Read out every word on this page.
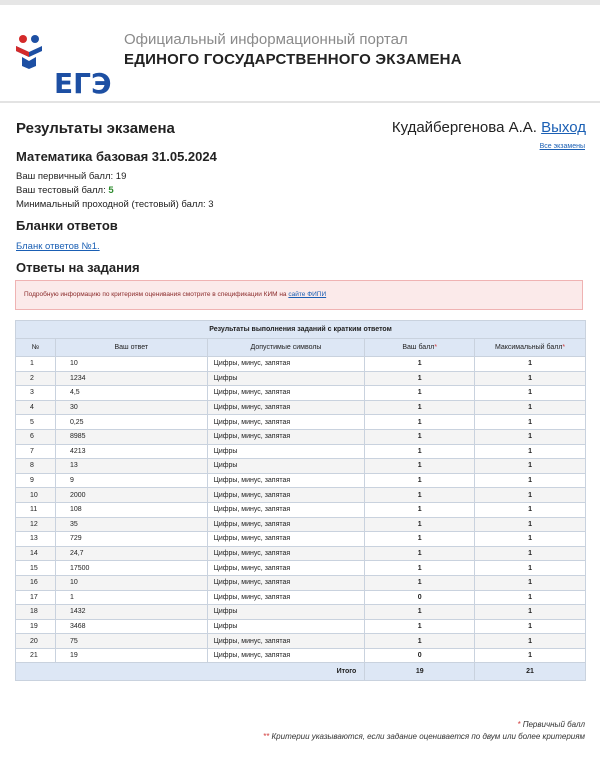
ЕГЭ
Официальный информационный портал
ЕДИНОГО ГОСУДАРСТВЕННОГО ЭКЗАМЕНА
Результаты экзамена	Кудайбергенова А.А. Выход
Все экзамены
Математика базовая 31.05.2024
Ваш первичный балл: 19
Ваш тестовый балл: 5
Минимальный проходной (тестовый) балл: 3
Бланки ответов
Бланк ответов №1.
Ответы на задания
Подробную информацию по критериям оценивания смотрите в спецификации КИМ на сайте ФИПИ
Результаты выполнения заданий с кратким ответом				
№	Ваш ответ	Допустимые символы	Ваш балл*	Максимальный балл*
1	10	Цифры, минус, запятая	1	1
2	1234	Цифры	1	1
3	4,5	Цифры, минус, запятая	1	1
4	30	Цифры, минус, запятая	1	1
5	0,25	Цифры, минус, запятая	1	1
6	8985	Цифры, минус, запятая	1	1
7	4213	Цифры	1	1
8	13	Цифры	1	1
9	9	Цифры, минус, запятая	1	1
10	2000	Цифры, минус, запятая	1	1
11	108	Цифры, минус, запятая	1	1
12	35	Цифры, минус, запятая	1	1
13	729	Цифры, минус, запятая	1	1
14	24,7	Цифры, минус, запятая	1	1
15	17500	Цифры, минус, запятая	1	1
16	10	Цифры, минус, запятая	1	1
17	1	Цифры, минус, запятая	0	1
18	1432	Цифры	1	1
19	3468	Цифры	1	1
20	75	Цифры, минус, запятая	1	1
21	19	Цифры, минус, запятая	0	1
Итого			19	21
* Первичный балл
** Критерии указываются, если задание оценивается по двум или более критериям
